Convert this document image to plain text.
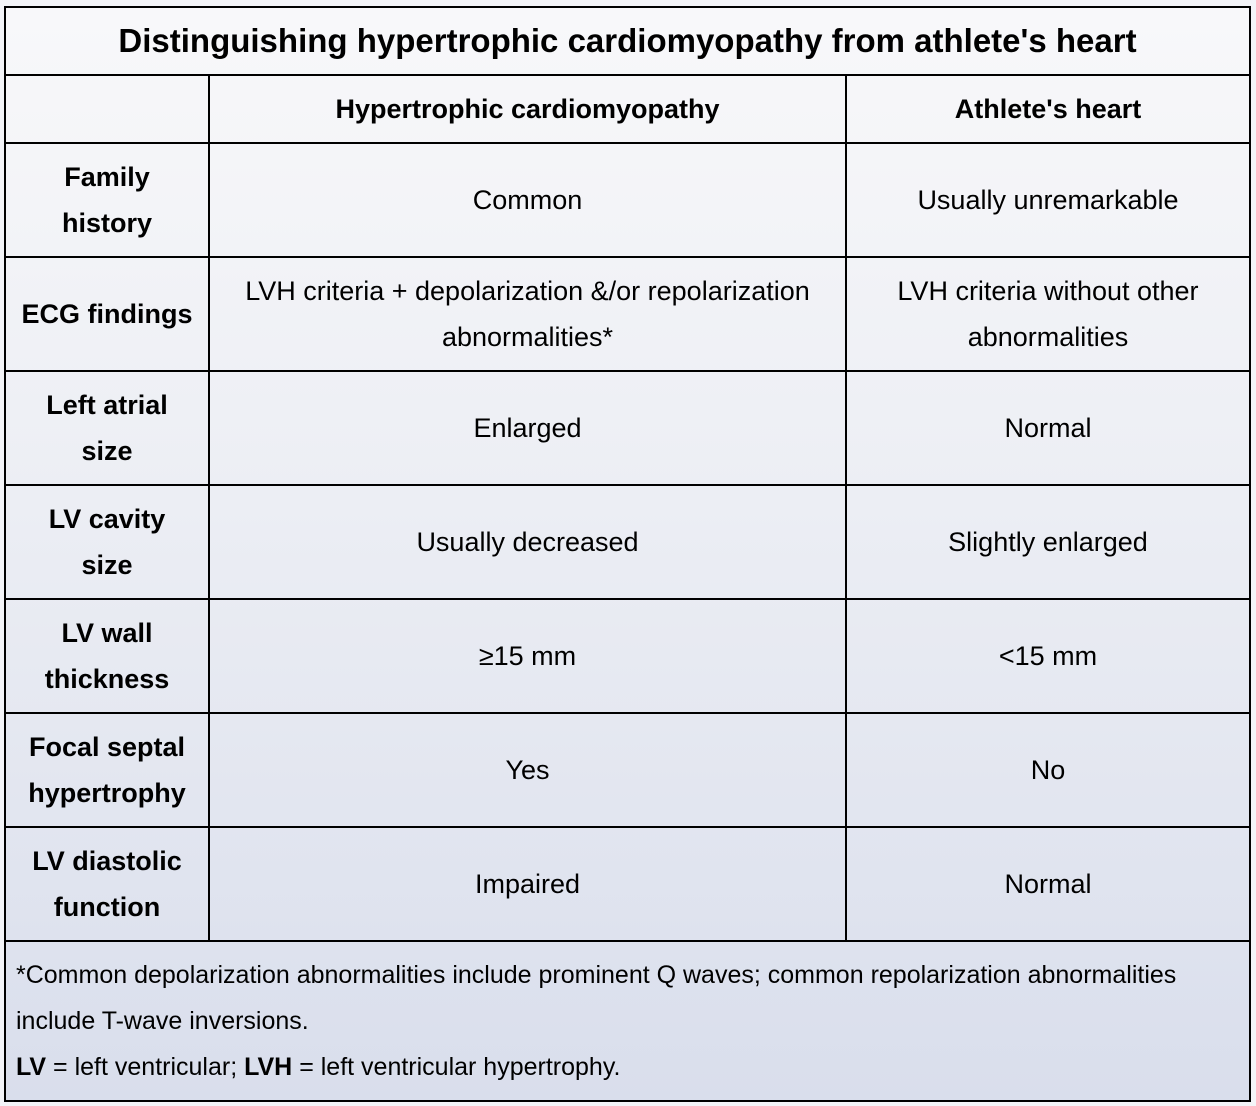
Distinguishing hypertrophic cardiomyopathy from athlete's heart		
	Hypertrophic cardiomyopathy	Athlete's heart
Family history	Common	Usually unremarkable
ECG findings	LVH criteria + depolarization &/or repolarization abnormalities*	LVH criteria without other abnormalities
Left atrial size	Enlarged	Normal
LV cavity size	Usually decreased	Slightly enlarged
LV wall thickness	≥15 mm	<15 mm
Focal septal hypertrophy	Yes	No
LV diastolic function	Impaired	Normal

*Common depolarization abnormalities include prominent Q waves; common repolarization abnormalities include T-wave inversions.
LV = left ventricular; LVH = left ventricular hypertrophy.		
